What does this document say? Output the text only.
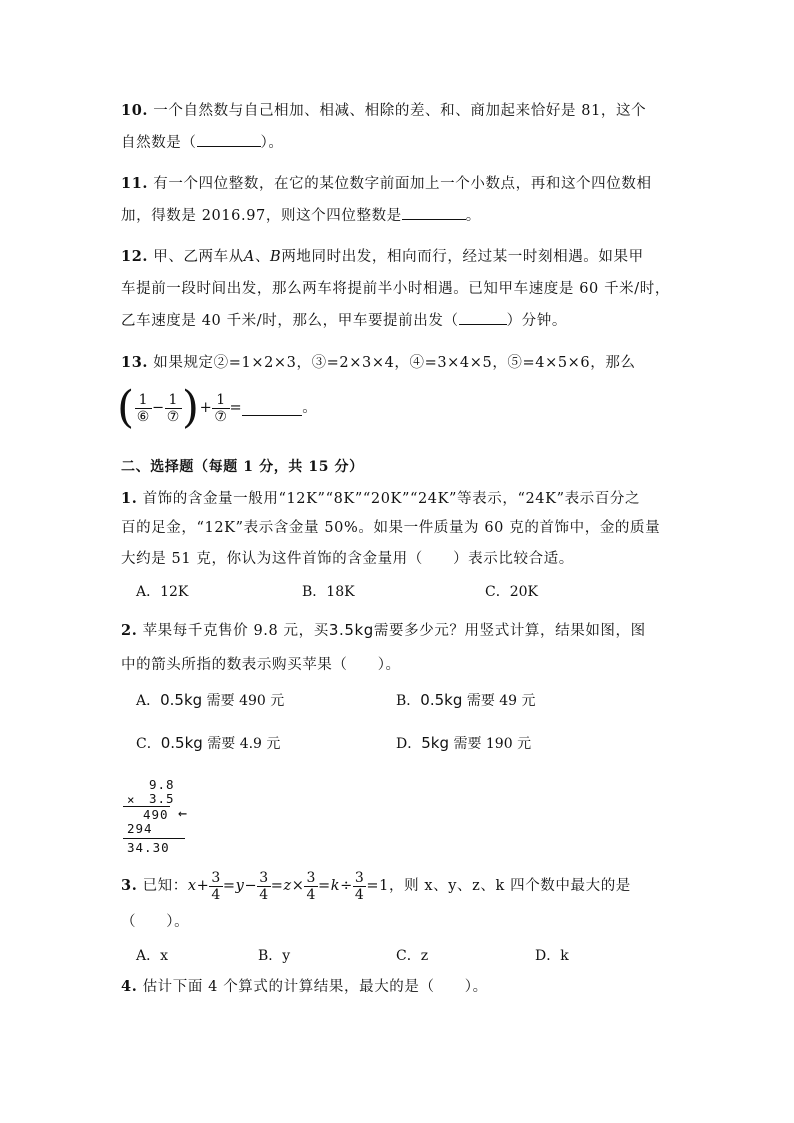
10. 一个自然数与自己相加、相减、相除的差、和、商加起来恰好是 81，这个
自然数是（	）。
11. 有一个四位整数，在它的某位数字前面加上一个小数点，再和这个四位数相
加，得数是 2016.97，则这个四位整数是	。
12. 甲、乙两车从A、B两地同时出发，相向而行，经过某一时刻相遇。如果甲
车提前一段时间出发，那么两车将提前半小时相遇。已知甲车速度是 60 千米/时，
乙车速度是 40 千米/时，那么，甲车要提前出发（	）分钟。
13. 如果规定②=1×2×3，③=2×3×4，④=3×4×5，⑤=4×5×6，那么
( $\frac{1}{\text{⑥}} - \frac{1}{\text{⑦}}$ )+ $\frac{1}{\text{⑦}}$ =	。
二、选择题（每题 1 分，共 15 分）
1. 首饰的含金量一般用“12K”“8K”“20K”“24K”等表示，“24K”表示百分之
百的足金，“12K”表示含金量 50%。如果一件质量为 60 克的首饰中，金的质量
大约是 51 克，你认为这件首饰的含金量用（　　）表示比较合适。
A．12K	B．18K	C．20K
2. 苹果每千克售价 9.8 元，买3.5kg需要多少元？用竖式计算，结果如图，图
中的箭头所指的数表示购买苹果（　　）。
A．0.5kg 需要 490 元	B．0.5kg 需要 49 元
C．0.5kg 需要 4.9 元	D．5kg 需要 190 元
9.8
× 3.5
490 ←
294
34.30
3. 已知：$x+ \frac{3}{4} =y- \frac{3}{4} =z\times \frac{3}{4} =k\div \frac{3}{4} =1$，则 x、y、z、k 四个数中最大的是
（　　）。
A．x	B．y	C．z	D．k
4. 估计下面 4 个算式的计算结果，最大的是（　　）。
